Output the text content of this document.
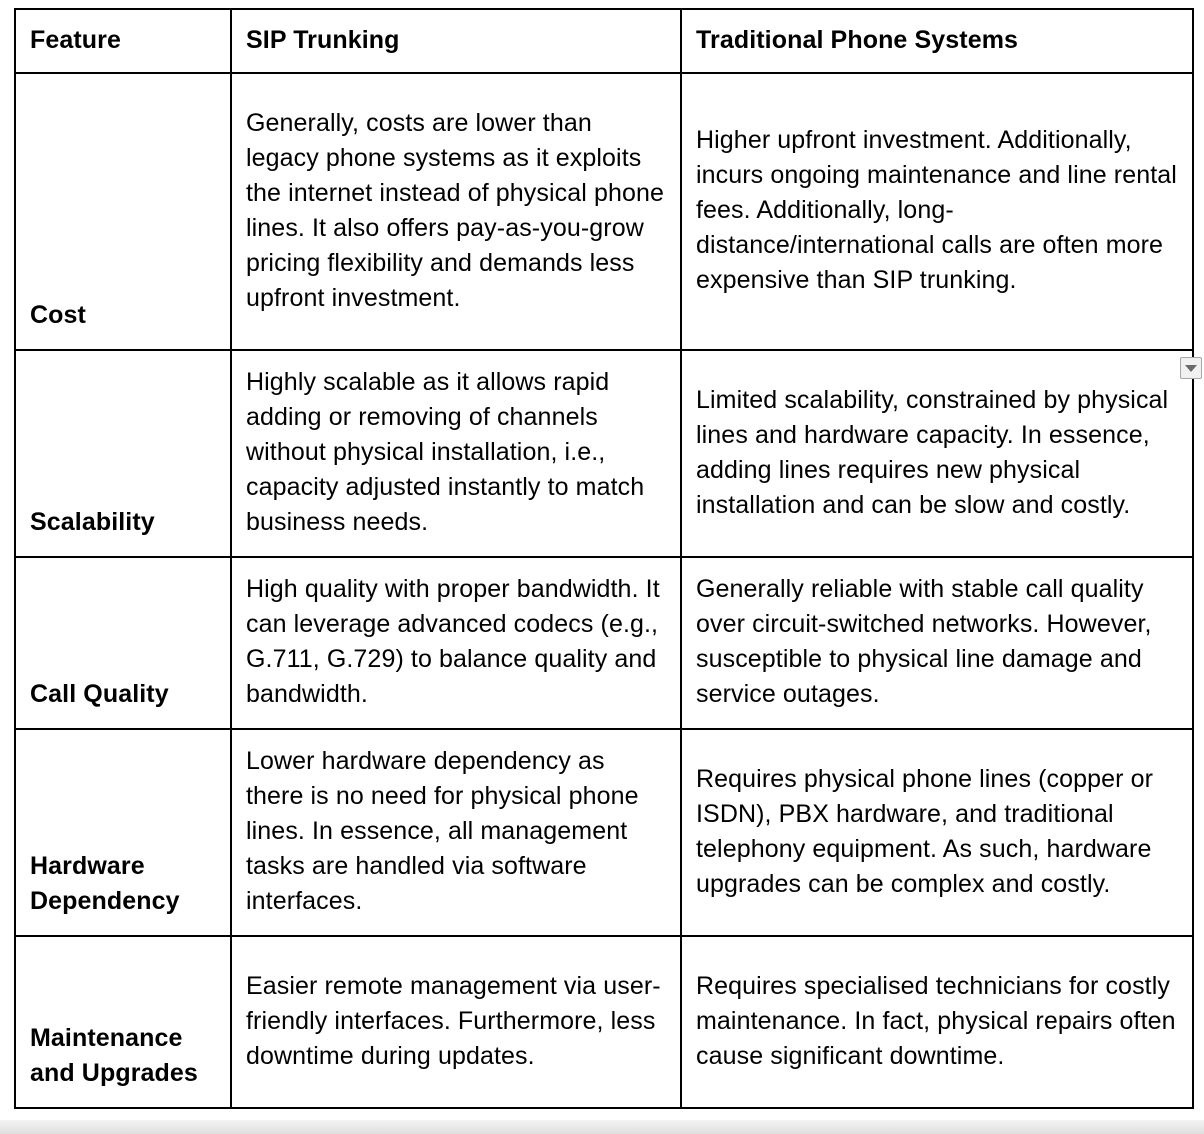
Feature	SIP Trunking	Traditional Phone Systems
Cost	Generally, costs are lower than legacy phone systems as it exploits the internet instead of physical phone lines. It also offers pay-as-you-grow pricing flexibility and demands less upfront investment.	Higher upfront investment. Additionally, incurs ongoing maintenance and line rental fees. Additionally, long-distance/international calls are often more expensive than SIP trunking.
Scalability	Highly scalable as it allows rapid adding or removing of channels without physical installation, i.e., capacity adjusted instantly to match business needs.	Limited scalability, constrained by physical lines and hardware capacity. In essence, adding lines requires new physical installation and can be slow and costly.
Call Quality	High quality with proper bandwidth. It can leverage advanced codecs (e.g., G.711, G.729) to balance quality and bandwidth.	Generally reliable with stable call quality over circuit-switched networks. However, susceptible to physical line damage and service outages.
Hardware Dependency	Lower hardware dependency as there is no need for physical phone lines. In essence, all management tasks are handled via software interfaces.	Requires physical phone lines (copper or ISDN), PBX hardware, and traditional telephony equipment. As such, hardware upgrades can be complex and costly.
Maintenance and Upgrades	Easier remote management via user-friendly interfaces. Furthermore, less downtime during updates.	Requires specialised technicians for costly maintenance. In fact, physical repairs often cause significant downtime.
